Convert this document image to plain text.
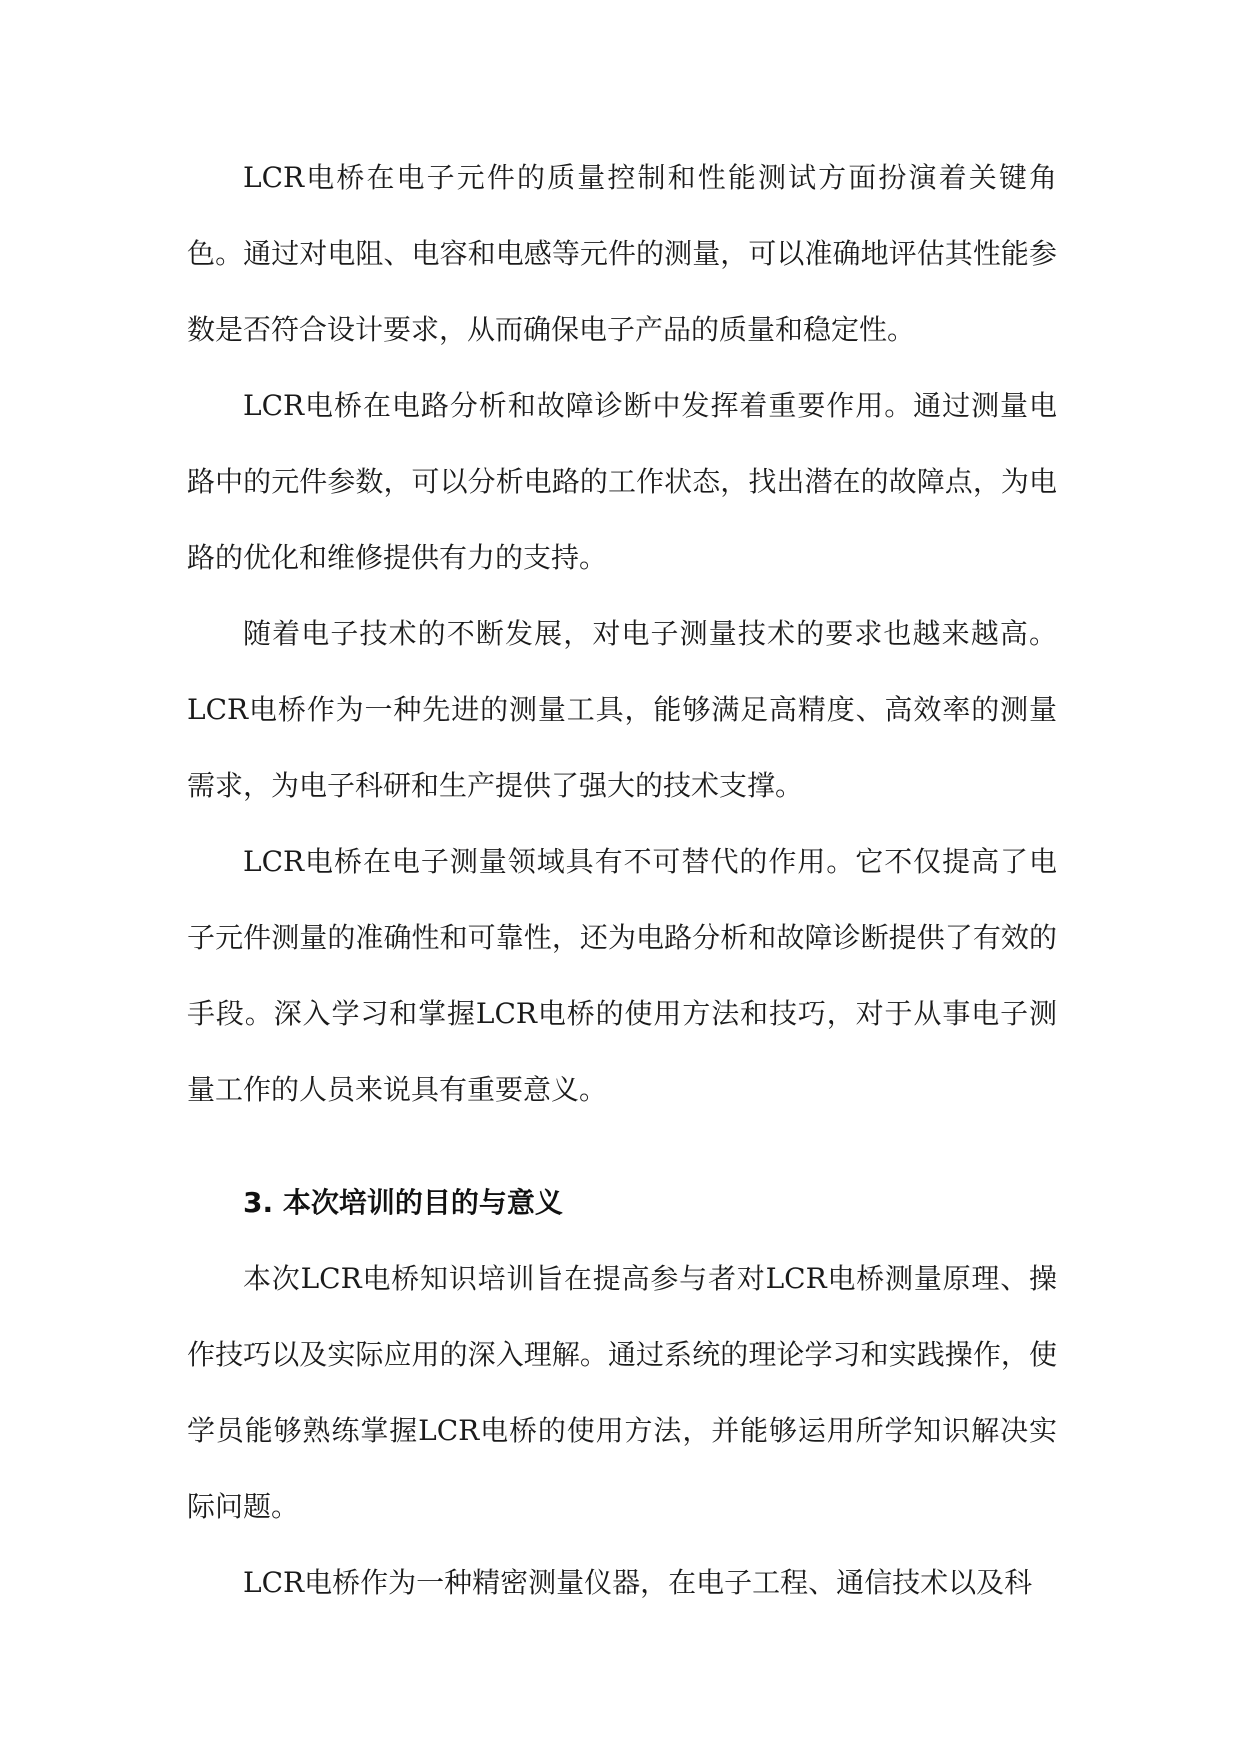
LCR电桥在电子元件的质量控制和性能测试方面扮演着关键角色。通过对电阻、电容和电感等元件的测量，可以准确地评估其性能参数是否符合设计要求，从而确保电子产品的质量和稳定性。

LCR电桥在电路分析和故障诊断中发挥着重要作用。通过测量电路中的元件参数，可以分析电路的工作状态，找出潜在的故障点，为电路的优化和维修提供有力的支持。

随着电子技术的不断发展，对电子测量技术的要求也越来越高。LCR电桥作为一种先进的测量工具，能够满足高精度、高效率的测量需求，为电子科研和生产提供了强大的技术支撑。

LCR电桥在电子测量领域具有不可替代的作用。它不仅提高了电子元件测量的准确性和可靠性，还为电路分析和故障诊断提供了有效的手段。深入学习和掌握LCR电桥的使用方法和技巧，对于从事电子测量工作的人员来说具有重要意义。

3. 本次培训的目的与意义

本次LCR电桥知识培训旨在提高参与者对LCR电桥测量原理、操作技巧以及实际应用的深入理解。通过系统的理论学习和实践操作，使学员能够熟练掌握LCR电桥的使用方法，并能够运用所学知识解决实际问题。

LCR电桥作为一种精密测量仪器，在电子工程、通信技术以及科
